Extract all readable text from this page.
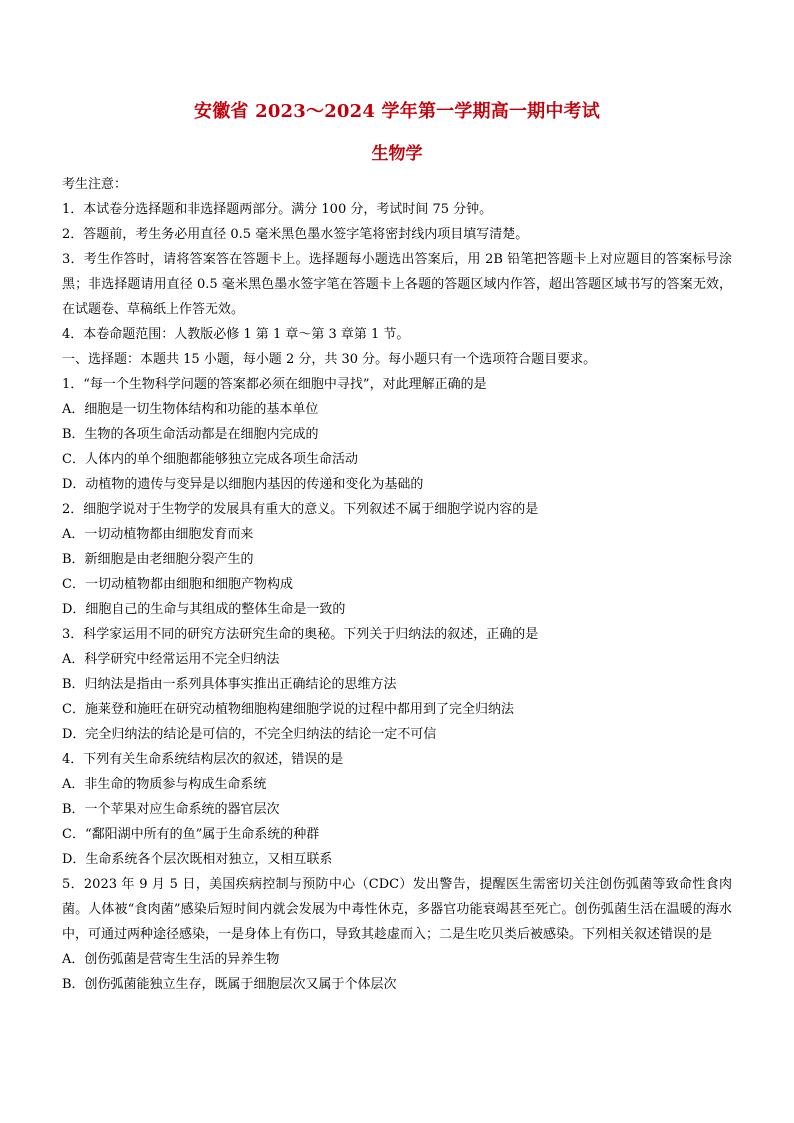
安徽省 2023～2024 学年第一学期高一期中考试
生物学
考生注意：
1．本试卷分选择题和非选择题两部分。满分 100 分，考试时间 75 分钟。
2．答题前，考生务必用直径 0.5 毫米黑色墨水签字笔将密封线内项目填写清楚。
3．考生作答时，请将答案答在答题卡上。选择题每小题选出答案后，用 2B 铅笔把答题卡上对应题目的答案标号涂黑；非选择题请用直径 0.5 毫米黑色墨水签字笔在答题卡上各题的答题区域内作答，超出答题区域书写的答案无效，在试题卷、草稿纸上作答无效。
4．本卷命题范围：人教版必修 1 第 1 章～第 3 章第 1 节。
一、选择题：本题共 15 小题，每小题 2 分，共 30 分。每小题只有一个选项符合题目要求。
1．“每一个生物科学问题的答案都必须在细胞中寻找”，对此理解正确的是
A．细胞是一切生物体结构和功能的基本单位
B．生物的各项生命活动都是在细胞内完成的
C．人体内的单个细胞都能够独立完成各项生命活动
D．动植物的遗传与变异是以细胞内基因的传递和变化为基础的
2．细胞学说对于生物学的发展具有重大的意义。下列叙述不属于细胞学说内容的是
A．一切动植物都由细胞发育而来
B．新细胞是由老细胞分裂产生的
C．一切动植物都由细胞和细胞产物构成
D．细胞自己的生命与其组成的整体生命是一致的
3．科学家运用不同的研究方法研究生命的奥秘。下列关于归纳法的叙述，正确的是
A．科学研究中经常运用不完全归纳法
B．归纳法是指由一系列具体事实推出正确结论的思维方法
C．施莱登和施旺在研究动植物细胞构建细胞学说的过程中都用到了完全归纳法
D．完全归纳法的结论是可信的，不完全归纳法的结论一定不可信
4．下列有关生命系统结构层次的叙述，错误的是
A．非生命的物质参与构成生命系统
B．一个苹果对应生命系统的器官层次
C．“鄱阳湖中所有的鱼”属于生命系统的种群
D．生命系统各个层次既相对独立，又相互联系
5．2023 年 9 月 5 日，美国疾病控制与预防中心（CDC）发出警告，提醒医生需密切关注创伤弧菌等致命性食肉菌。人体被“食肉菌”感染后短时间内就会发展为中毒性休克，多器官功能衰竭甚至死亡。创伤弧菌生活在温暖的海水中，可通过两种途径感染，一是身体上有伤口，导致其趁虚而入；二是生吃贝类后被感染。下列相关叙述错误的是
A．创伤弧菌是营寄生生活的异养生物
B．创伤弧菌能独立生存，既属于细胞层次又属于个体层次
